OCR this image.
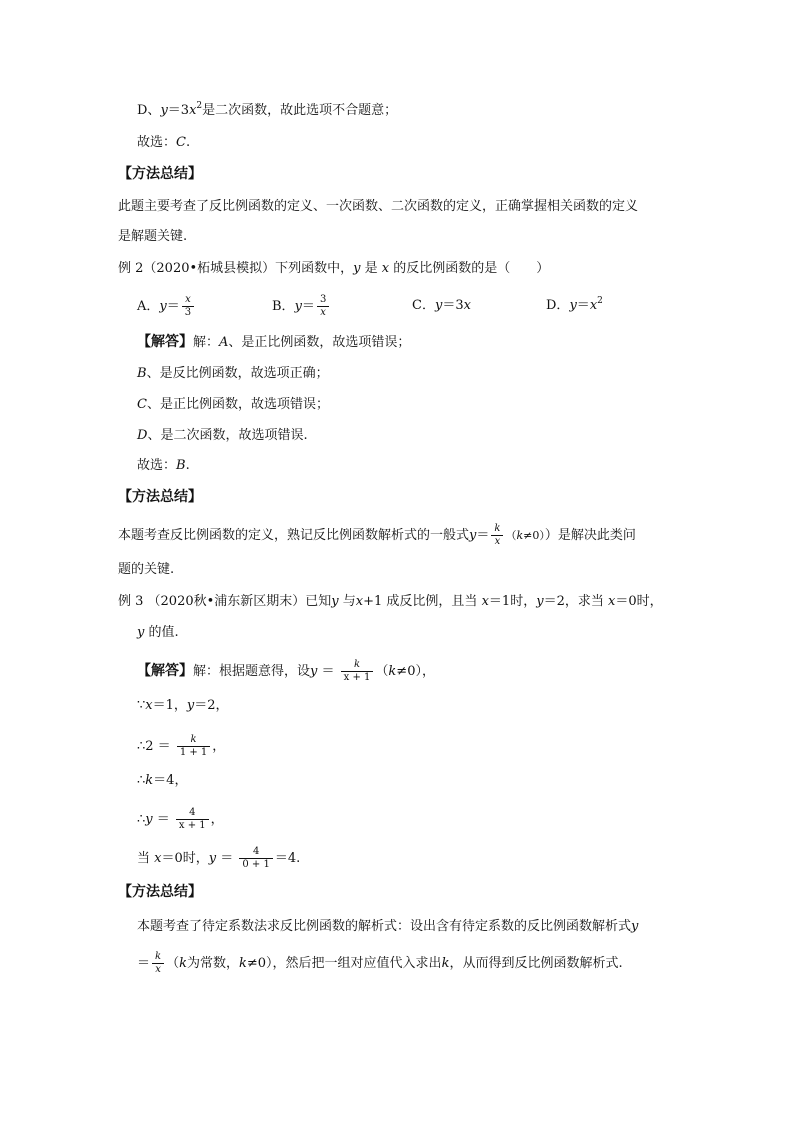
D、$y=3x^2$是二次函数，故此选项不合题意；
故选：C.
【方法总结】
此题主要考查了反比例函数的定义、一次函数、二次函数的定义，正确掌握相关函数的定义
是解题关键.
例 2（2020•柘城县模拟）下列函数中，y 是 x 的反比例函数的是（　　）
A．$y= \frac{x}{3}$	B．$y= \frac{3}{x}$	C．y＝3x	D．$y=x^2$
【解答】解：A、是正比例函数，故选项错误；
B、是反比例函数，故选项正确；
C、是正比例函数，故选项错误；
D、是二次函数，故选项错误.
故选：B.
【方法总结】
本题考查反比例函数的定义，熟记反比例函数解析式的一般式$y= \frac{k}{x} (k\ne 0)$）是解决此类问
题的关键.
例 3 （2020秋•浦东新区期末）已知y 与x+1 成反比例，且当 x＝1时，y＝2，求当 x＝0时，
y 的值.
【解答】解：根据题意得，设$y = \frac{k}{x + 1} (k\ne 0)$，
∵x＝1，y＝2，
∴2 ＝ $\frac{k}{1 + 1}$ ，
∴k＝4，
∴y ＝ $\frac{4}{x + 1}$ ，
当 x＝0时，$y = \frac{4}{0 + 1} =4$.
【方法总结】
本题考查了待定系数法求反比例函数的解析式：设出含有待定系数的反比例函数解析式y
＝ $\frac{k}{x} (k$为常数，k≠0），然后把一组对应值代入求出k，从而得到反比例函数解析式.
